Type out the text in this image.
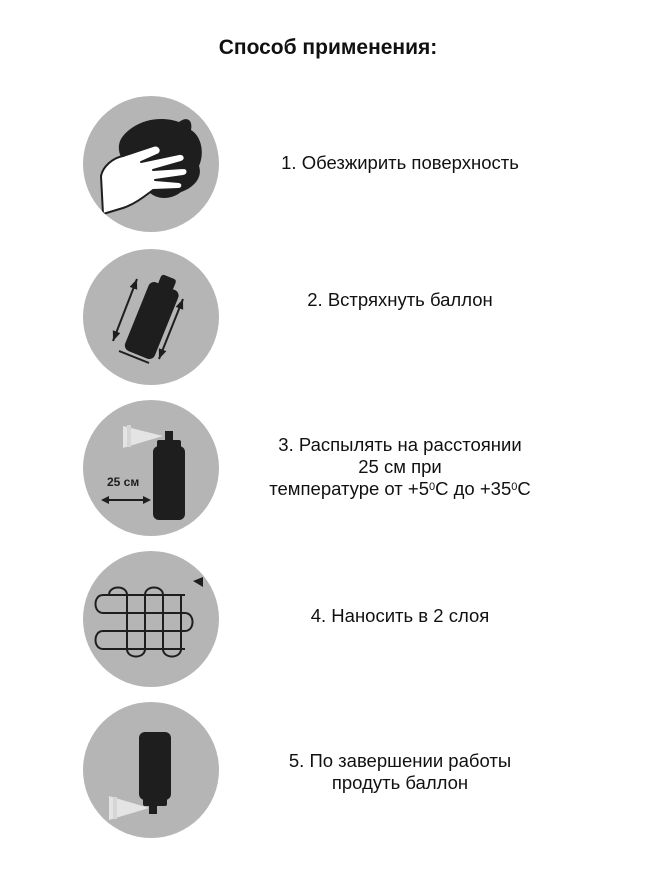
Способ применения:
1. Обезжирить поверхность
2. Встряхнуть баллон
25 см
3. Распылять на расстоянии
25 см при
температуре от $+5^0C$ до $+35^0C$
4. Наносить в 2 слоя
5. По завершении работы
продуть баллон
